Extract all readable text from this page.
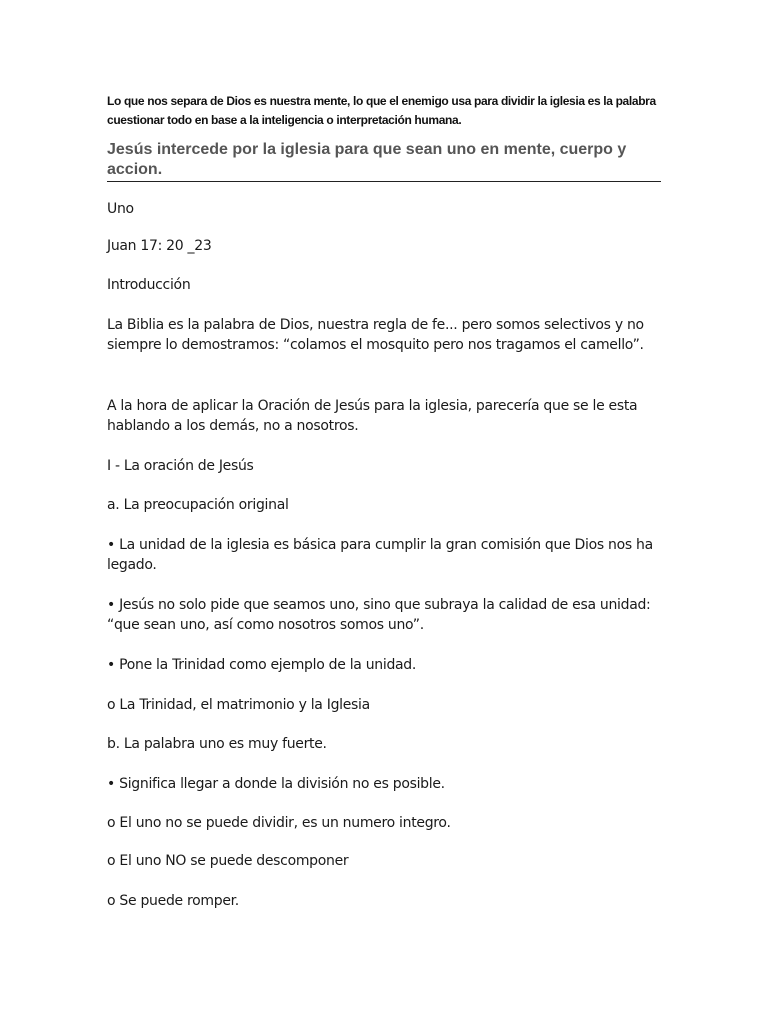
Lo que nos separa de Dios es nuestra mente, lo que el enemigo usa para dividir la iglesia es la palabra cuestionar todo en base a la inteligencia o interpretación humana.

Jesús intercede por la iglesia para que sean uno en mente, cuerpo y accion.

Uno

Juan 17: 20 _23

Introducción

La Biblia es la palabra de Dios, nuestra regla de fe... pero somos selectivos y no siempre lo demostramos: “colamos el mosquito pero nos tragamos el camello”.

A la hora de aplicar la Oración de Jesús para la iglesia, parecería que se le esta hablando a los demás, no a nosotros.

I - La oración de Jesús

a. La preocupación original

• La unidad de la iglesia es básica para cumplir la gran comisión que Dios nos ha legado.

• Jesús no solo pide que seamos uno, sino que subraya la calidad de esa unidad: “que sean uno, así como nosotros somos uno”.

• Pone la Trinidad como ejemplo de la unidad.

o La Trinidad, el matrimonio y la Iglesia

b. La palabra uno es muy fuerte.

• Significa llegar a donde la división no es posible.

o El uno no se puede dividir, es un numero integro.

o El uno NO se puede descomponer

o Se puede romper.
